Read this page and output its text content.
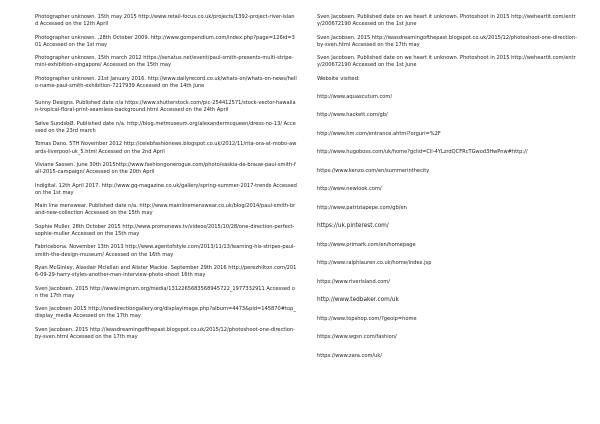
Photographer unknown. 15th may 2015 http://www.retail-focus.co.uk/projects/1392-project-river-island Accessed on the 12th April

Photographer unknown. ,28th October 2009. http://www.gompendium.com/index.php?page=126id=301 Accessed on the 1st may

Photographer unknown. 15th march 2012 https://senatus.net/event/paul-smith-presents-multi-stripe-mini-exhibition-singapore/ Accessed on the 15th may

Photographer unknown. 21st January 2016. http://www.dailyrecord.co.uk/whats-on/whats-on-news/hello-name-paul-smith-exhibition-7217939 Accessed on the 14th June

Sunny Designs. Published date n/a https://www.shutterstock.com/pic-254412571/stock-vector-hawaiian-tropical-floral-print-seamless-background.html Accessed on the 24th April

Sølve SundsbØ. Published date n/a. http://blog.metmuseum.org/alexandermcqueen/dress-no-13/ Accessed on the 23rd march

Tomas Dano. 5TH November 2012 http://celebfashionews.blogspot.co.uk/2012/11/rita-ora-at-mobo-awards-liverpool-uk_5.html Accessed on the 2nd April

Viviane Sassen. June 30th 2015http://www.fashiongonerogue.com/photo/saskia-de-brauw-paul-smith-fall-2015-campaign/ Accessed on the 20th April

Indigital. 12th April 2017. http://www.gq-magazine.co.uk/gallery/spring-summer-2017-trends Accessed on the 1st may

Main line menswear. Published date n/a. http://www.mainlinemenswear.co.uk/blog/2014/paul-smith-brand-new-collection Accessed on the 15th may

Sophie Muller. 28th October 2015 http://www.promonews.tv/videos/2015/10/28/one-direction-perfect-sophie-muller Accessed on the 15th may

Fabricebona. November 13th 2013 http://www.agentofstyle.com/2013/11/13/learning-his-stripes-paul-smith-the-design-museum/ Accessed on the 16th may

Ryan McGinley, Alasdair Mclellan and Alister Mackie. September 29th 2016 http://perezhilton.com/2016-09-29-harry-styles-another-man-interview-photo-shoot 16th may

Sven Jacobsen. 2015 http://www.imgrum.org/media/1312265683568945722_1977332911 Accessed on the 17th may

Sven Jacobsen 2015 http://onedirectiongallery.org/displayimage.php?album=4473&pid=145870#top_display_media Accessed on the 17th may

Sven Jacobsen. 2015 http://iwasdreamingofthepast.blogspot.co.uk/2015/12/photoshoot-one-direction-by-sven.html Accessed on the 17th may

Sven Jacobsen. Published date on we heart it unknown. Photoshoot in 2015 http://weheartit.com/entry/200672190 Accessed on the 1st June

Sven Jacobsen. 2015 http://iwasdreamingofthepast.blogspot.co.uk/2015/12/photoshoot-one-direction-by-sven.html Accessed on the 17th may

Sven Jacobsen. Published date on we heart it unknown. Photoshoot in 2015 http://weheartit.com/entry/200672190 Accessed on the 1st June

Website visited:

http://www.aquascutum.com/

http://www.hackett.com/gb/

http://www.hm.com/entrance.ahtml?orguri=%2F

http://www.hugoboss.com/uk/home?gclid=Cli-4YLzrdQCFRcTGwod3HwPnw#http://

https://www.kenzo.com/en/summerinthecity

http://www.newlook.com/

http://www.patriziapepe.com/gb/en

https://uk.pinterest.com/

http://www.primark.com/en/homepage

http://www.ralphlauren.co.uk/home/index.jsp

https://www.riverisland.com/

http://www.tedbaker.com/uk

http://www.topshop.com/?geoip=home

https://www.wgsn.com/fashion/

https://www.zara.com/uk/
